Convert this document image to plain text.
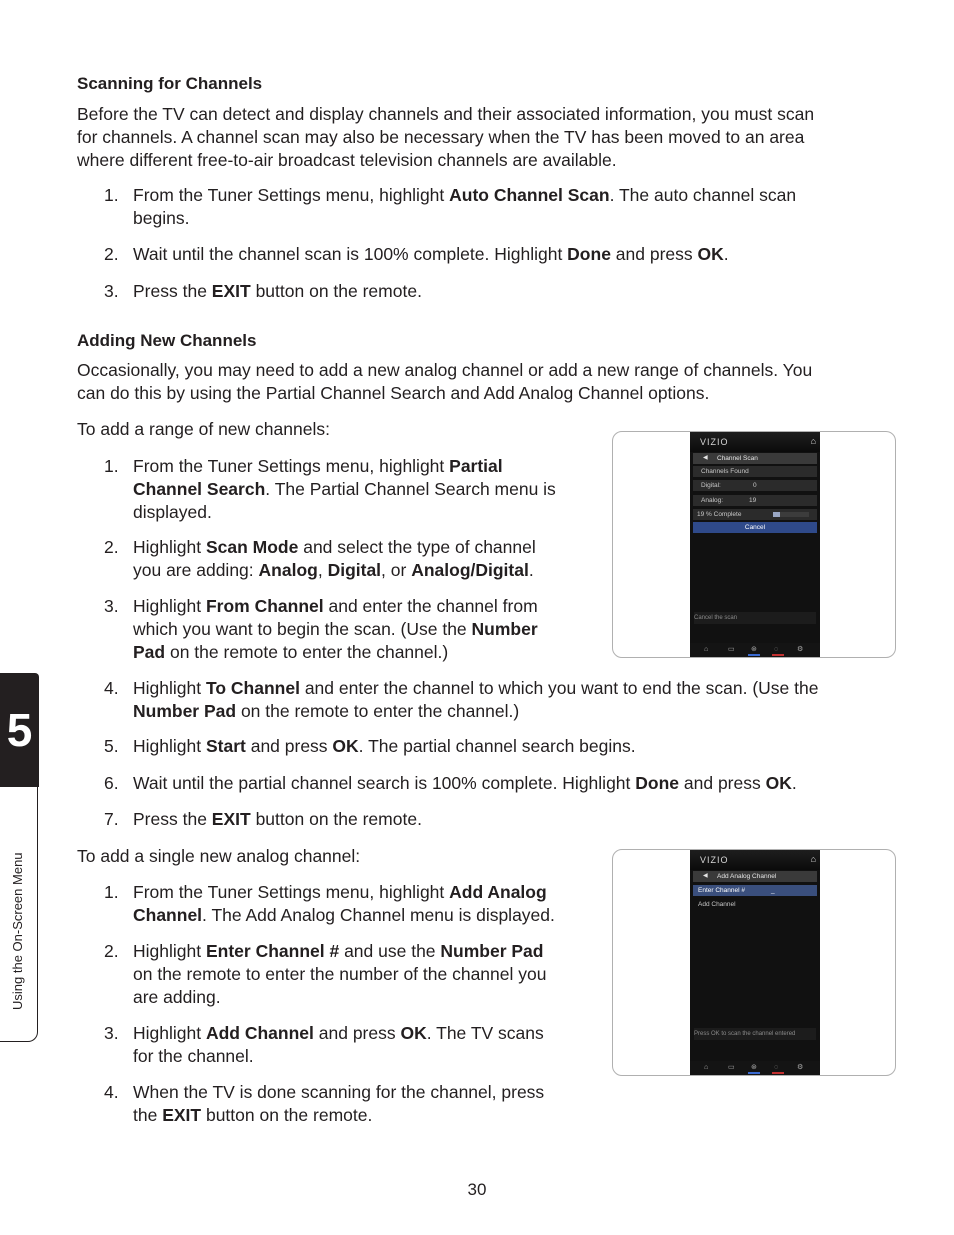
Scanning for Channels

Before the TV can detect and display channels and their associated information, you must scan

for channels. A channel scan may also be necessary when the TV has been moved to an area

where different free-to-air broadcast television channels are available.

1. From the Tuner Settings menu, highlight Auto Channel Scan. The auto channel scan
begins.
2. Wait until the channel scan is 100% complete. Highlight Done and press OK.
3. Press the EXIT button on the remote.
Adding New Channels

Occasionally, you may need to add a new analog channel or add a new range of channels. You

can do this by using the Partial Channel Search and Add Analog Channel options.

To add a range of new channels:

1. From the Tuner Settings menu, highlight Partial
Channel Search. The Partial Channel Search menu is
displayed.
2. Highlight Scan Mode and select the type of channel
you are adding: Analog, Digital, or Analog/Digital.
3. Highlight From Channel and enter the channel from
which you want to begin the scan. (Use the Number
Pad on the remote to enter the channel.)
4. Highlight To Channel and enter the channel to which you want to end the scan. (Use the
Number Pad on the remote to enter the channel.)
5. Highlight Start and press OK. The partial channel search begins.
6. Wait until the partial channel search is 100% complete. Highlight Done and press OK.
7. Press the EXIT button on the remote.

To add a single new analog channel:

1. From the Tuner Settings menu, highlight Add Analog
Channel. The Add Analog Channel menu is displayed.
2. Highlight Enter Channel # and use the Number Pad
on the remote to enter the number of the channel you
are adding.
3. Highlight Add Channel and press OK. The TV scans
for the channel.
4. When the TV is done scanning for the channel, press
the EXIT button on the remote.
VIZIO	⌂
◀ Channel Scan
Channels Found
Digital:	0
Analog:	19
19 % Complete
Cancel
Cancel the scan
⌂	▭ ⊛ ◌	⚙
VIZIO	⌂
◀ Add Analog Channel
Enter Channel #	_
Add Channel
Press OK to scan the channel entered
⌂	▭ ⊛ ◌	⚙
5
Using the On-Screen Menu
30
